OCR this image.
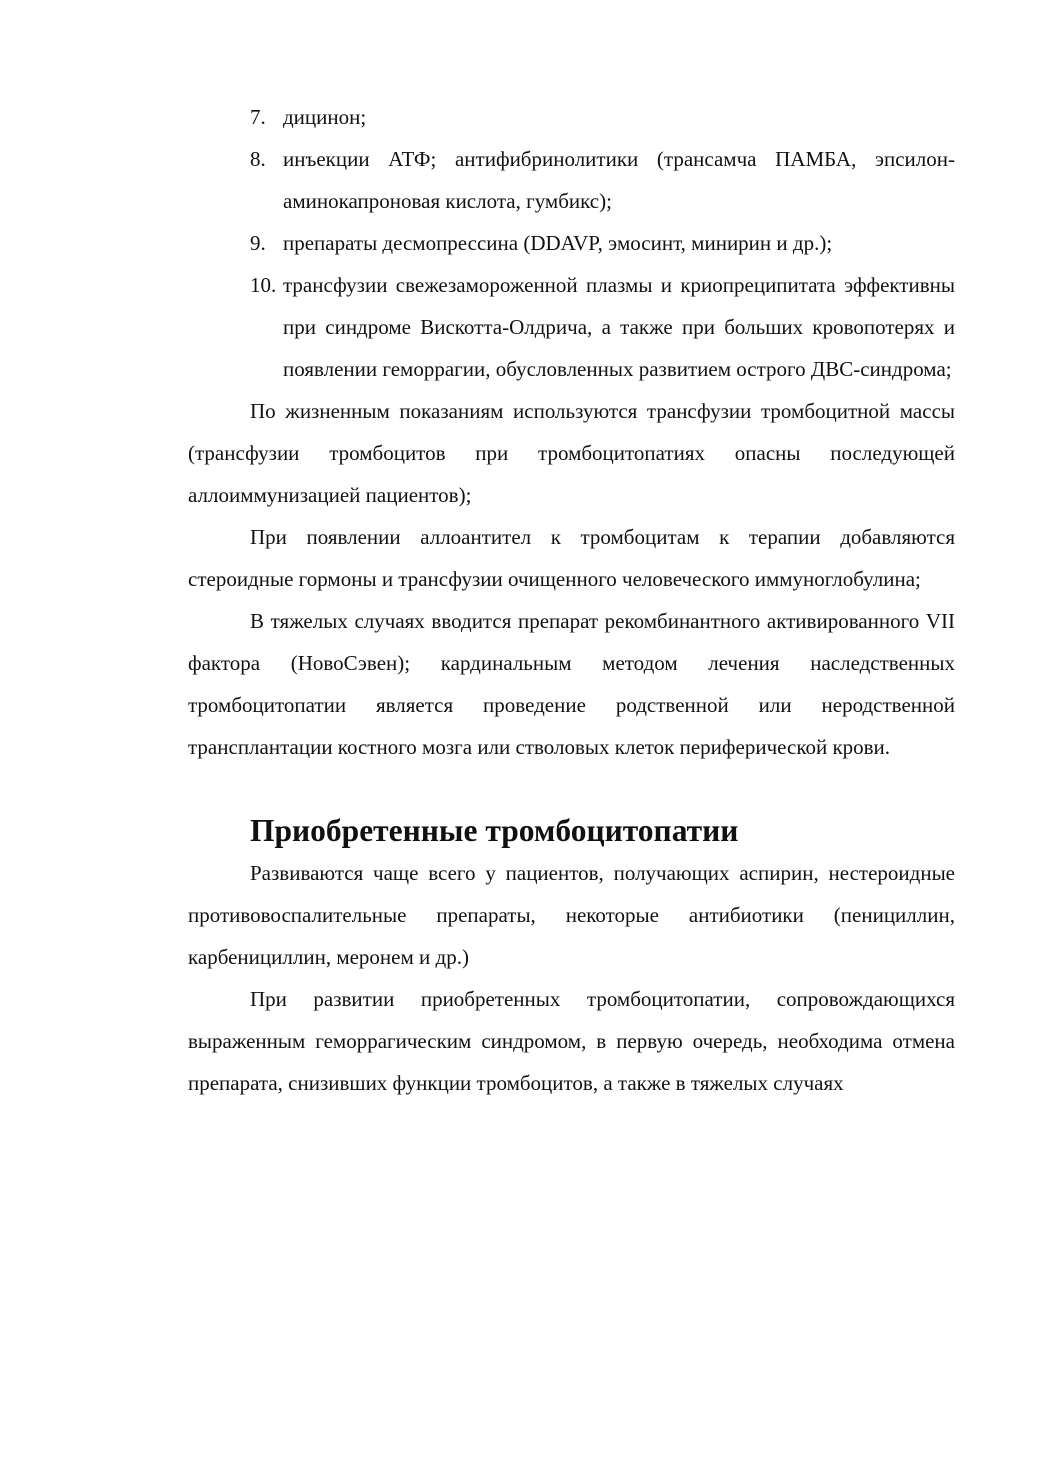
7. дицинон;
8. инъекции АТФ; антифибринолитики (трансамча ПАМБА, эпсилон-аминокапроновая кислота, гумбикс);
9. препараты десмопрессина (DDAVP, эмосинт, минирин и др.);
10. трансфузии свежезамороженной плазмы и криопреципитата эффективны при синдроме Вискотта-Олдрича, а также при больших кровопотерях и появлении геморрагии, обусловленных развитием острого ДВС-синдрома;

По жизненным показаниям используются трансфузии тромбоцитной массы (трансфузии тромбоцитов при тромбоцитопатиях опасны последующей аллоиммунизацией пациентов);

При появлении аллоантител к тромбоцитам к терапии добавляются стероидные гормоны и трансфузии очищенного человеческого иммуноглобулина;

В тяжелых случаях вводится препарат рекомбинантного активированного VII фактора (НовоСэвен); кардинальным методом лечения наследственных тромбоцитопатии является проведение родственной или неродственной трансплантации костного мозга или стволовых клеток периферической крови.

Приобретенные тромбоцитопатии

Развиваются чаще всего у пациентов, получающих аспирин, нестероидные противовоспалительные препараты, некоторые антибиотики (пенициллин, карбенициллин, меронем и др.)

При развитии приобретенных тромбоцитопатии, сопровождающихся выраженным геморрагическим синдромом, в первую очередь, необходима отмена препарата, снизивших функции тромбоцитов, а также в тяжелых случаях
